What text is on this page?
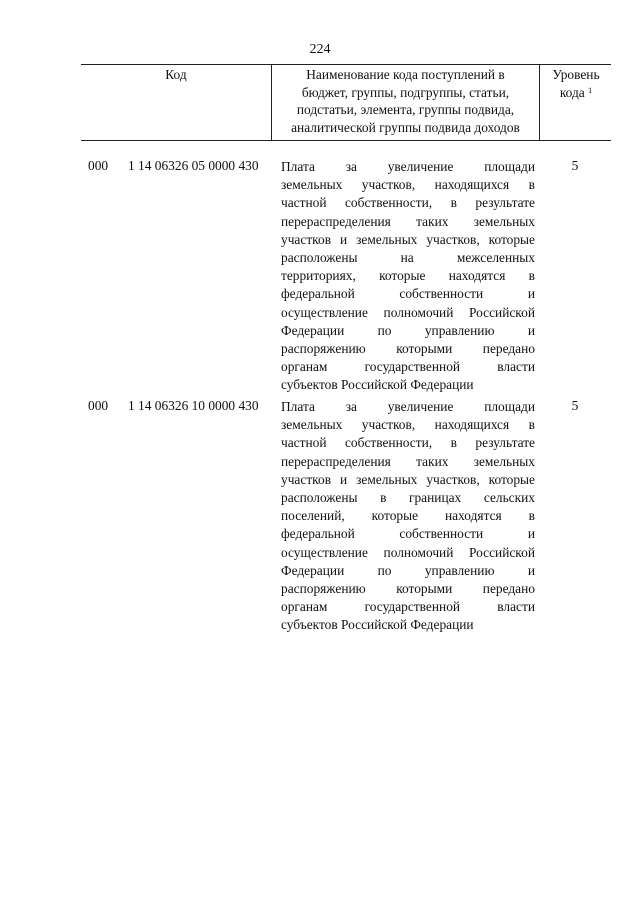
224
Код	Наименование кода поступлений в
бюджет, группы, подгруппы, статьи,
подстатьи, элемента, группы подвида,
аналитической группы подвида доходов
Уровень
кода $^1$
000 1 14 06326 05 0000 430 Плата за увеличение площади
земельных участков, находящихся в
частной собственности, в результате
перераспределения таких земельных
участков и земельных участков, которые
расположены на межселенных
территориях, которые находятся в
федеральной собственности и
осуществление полномочий Российской
Федерации по управлению и
распоряжению которыми передано
органам государственной власти
субъектов Российской Федерации
5
000 1 14 06326 10 0000 430 Плата за увеличение площади
земельных участков, находящихся в
частной собственности, в результате
перераспределения таких земельных
участков и земельных участков, которые
расположены в границах сельских
поселений, которые находятся в
федеральной собственности и
осуществление полномочий Российской
Федерации по управлению и
распоряжению которыми передано
органам государственной власти
субъектов Российской Федерации
5
